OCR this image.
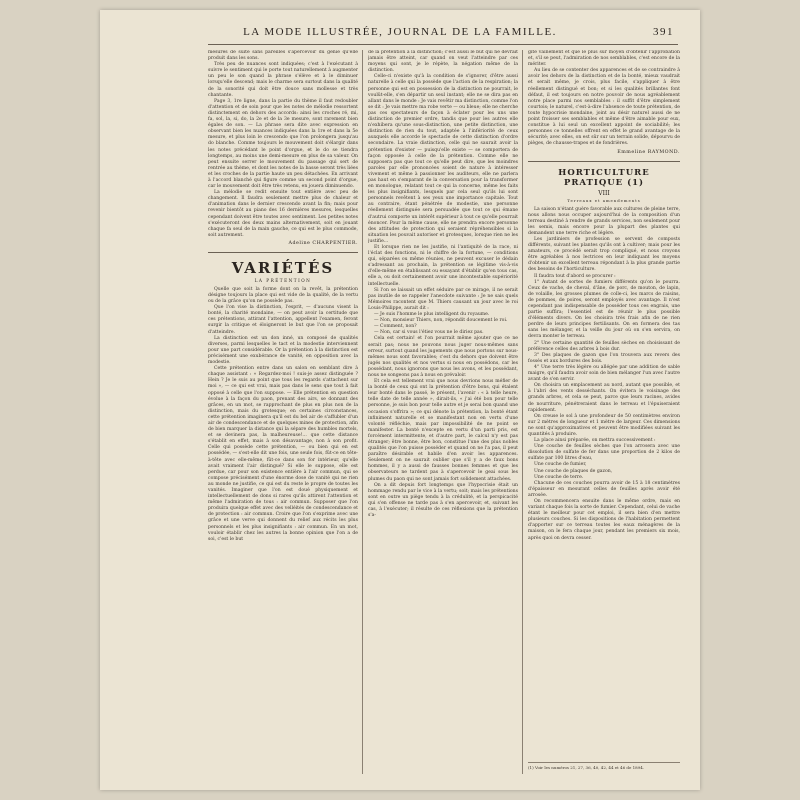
LA MODE ILLUSTRÉE, JOURNAL DE LA FAMILLE.	391

mesures de suite sans pareilles s'apercevoir du génie qu'elle produit dans les sons.

Très peu de nuances sont indiquées; c'est à l'exécutant à suivre le sentiment qui le porte tout naturellement à augmenter un peu le son quand la phrase s'élève et à le diminuer lorsqu'elle descend; mais le charme sera surtout dans la qualité de la sonorité qui doit être douce sans mollesse et très chantante.

Page 3, 1re ligne, dans la partie du thème il faut redoubler d'attention et de soin pour que les notes de mélodie ressortent distinctement en dehors des accords: ainsi les croches ré, mi, fa, sol, la, si, do, la 2e et de la 3e mesure, sont rarement bien égales de son. — La phrase sera dite avec expression en observant bien les nuances indiquées dans la 1re et dans la 5e mesure, et plus loin le crescendo que l'on prolongera jusqu'au do blanche. Comme toujours le mouvement doit s'élargir dans les notes précédant le point d'orgue, et le do se tiendra longtemps, au moins une demi-mesure en plus de sa valeur. On peut ensuite serrer le mouvement du passage qui sert de rentrée au thème, et dont les notes de la basse seront très liées et les croches de la partie haute un peu détachées. En arrivant à l'accord blanché qui figure comme un second point d'orgue, car le mouvement doit être très retenu, en jouera diminuendo.

La mélodie se redit ensuite tout entière avec peu de changement. Il faudra seulement mettre plus de chaleur et d'animation dans le dernier crescendo avant la fin; mais pour revenir bientôt au piano des 16 dernières mesures, lesquelles cependant doivent être toutes avec sentiment. Les petites notes s'exécuteront des deux mains alternativement, soit en jouant chaque fa seul de la main gauche, ce qui est le plus commode, soit autrement.

Adeline CHARPENTIER.
VARIÉTÉS
LA PRÉTENTION

Quelle que soit la forme dont on la revêt, la prétention désigne toujours la place qui est vide de la qualité, de la vertu ou de la grâce qu'on ne possède pas.

Que l'on vise la distinction, l'esprit, — d'aucuns visent la bonté, la charité mondaine, — on peut avoir la certitude que ces prétentions, attirant l'attention, appellent l'examen, feront surgir la critique et éloigneront le but que l'on se proposait d'atteindre.

La distinction est un don inné, un composé de qualités diverses, parmi lesquelles le tact et la modestie interviennent pour une part considérable. Or la prétention à la distinction est précisément une exubérance de vanité, en opposition avec la modestie.

Cette prétention entre dans un salon en semblant dire à chaque assistant : « Regardez-moi ! suis-je assez distinguée ? Hein ? Je le suis au point que tous les regards s'attachent sur moi », — ce qui est vrai, mais pas dans le sens que tout à fait opposé à celle que l'on suppose. — Elle prétention en question évolue à la façon du paon, prenant des airs, se donnant des grâces, en un mot, se rapprochant de plus en plus non de la distinction, mais du grotesque; en certaines circonstances, cette prétention imaginera qu'il est du bel air de s'affubler d'un air de condescendance et de quelques mines de protection, afin de bien marquer la distance qui la sépare des humbles mortels, et se devinera pas, la malheureuse!... que cette distance s'établit en effet, mais à son désavantage, non à son profit. Celle qui possède cette prétention, — ou bien qui en est possédée, — s'est-elle dit une fois, une seule fois, fût-ce en tête-à-tête avec elle-même, fût-ce dans son for intérieur, qu'elle avait vraiment l'air distingué? Si elle le suppose, elle est perdue, car pour son existence entière à l'air commun, qui se compose précisément d'une énorme dose de vanité qui ne rien au monde ne justifie, ce qui est du reste le propre de toutes les vanités. Imaginer que l'on est doué physiquement et intellectuellement de dons si rares qu'ils attirent l'attention et même l'admiration de tous : air commun. Supposer que l'on produira quelque effet avec des velléités de condescendance et de protection : air commun. Croire que l'on s'exprime avec une grâce et une verve qui donnent du relief aux récits les plus personnels et les plus insignifiants : air commun. En un mot, vouloir établir chez les autres la bonne opinion que l'on a de soi, c'est le but

de la prétention à la distinction; c'est aussi le but qui ne devrait jamais être atteint, car quand on veut l'atteindre par ces moyens qui sont, je le répète, la négation même de la distinction.

Celle-ci n'existe qu'à la condition de s'ignorer, d'être aussi naturelle à celle qui la possède que l'action de la respiration; la personne qui est en possession de la distinction ne pourrait, le voulût-elle, s'en départir un seul instant; elle ne se dira pas en allant dans le monde : Je vais revêtir ma distinction, comme l'on se dit : Je vais mettre ma robe verte — ou bleue; elle ne cherche pas ces spectateurs de façon à éclater pour les uns une distinction de premier ordre, tandis que pour les autres elle n'exhibera qu'une sous-distinction, une petite distinction, une distinction de rien du tout, adaptée à l'infériorité de ceux auxquels elle accorde le spectacle de cette distinction d'ordre secondaire. La vraie distinction, celle qui ne saurait avoir la prétention d'exister — puisqu'elle existe — se comportera de façon opposée à celle de la prétention. Comme elle ne supposera pas que tout ce qu'elle peut dire, que les moindres paroles par elle prononcées soient de nature à intéresser vivement et même à passionner les auditeurs, elle ne parlera pas haut en s'emparant de la conversation pour la transformer en monologue, relatant tout ce qui la concerne, même les faits les plus insignifiants, lesquels par cela seul qu'ils lui sont personnels revêtent à ses yeux une importance capitale. Tout au contraire, étant pénétrée de modestie, une personne réellement distinguée sera persuadée que tout ce qui émane d'autrui comporte un intérêt supérieur à tout ce qu'elle pourrait énoncer. Pour la même cause, elle ne prendra encore personne des attitudes de protection qui seraient répréhensibles si la situation les pouvait autoriser et grotesques, lorsque rien ne les justifie...

Et lorsque rien ne les justifie, ni l'antiquité de la race, ni l'éclat des fonctions, ni le chiffre de la fortune, — conditions qui, séparées ou même réunies, ne peuvent excuser le dédain s'adressant au prochain, la prétention se légitime vis-à-vis d'elle-même en établissant ou essayant d'établir qu'en tous cas, elle a, ou doit certainement avoir une incontestable supériorité intellectuelle.

Si l'on se laissait un effet séduire par ce mirage, il ne serait pas inutile de se rappeler l'anecdote suivante : Je ne sais quels Mémoires racontent que M. Thiers causant un jour avec le roi Louis-Philippe, aurait dit :

— Je suis l'homme le plus intelligent du royaume.

— Non, monsieur Thiers, non, répondit doucement le roi.

— Comment, non?

— Non, car si vous l'étiez vous ne le diriez pas.

Cela est certain! et l'on pourrait même ajouter que ce ne serait pas; nous ne pouvons nous juger nous-mêmes sans erreur, surtout quand les jugements que nous portons sur nous-mêmes nous sont favorables; c'est du dehors que doivent être jugés nos qualités et nos vertus si nous en possédons, car les possédant, nous ignorons que nous les avons, et les possédant, nous ne songeons pas à nous en prévaloir.

Et cela est tellement vrai que nous devrions nous méfier de la bonté de ceux qui ont la prétention d'être bons, qui étalent leur bonté dans le passé, le présent, l'avenir : « à telle heure, telle date de telle année », dirait-ils, « j'ai été bon pour telle personne, je suis bon pour telle autre et je serai bon quand une occasion s'offrira »; ce qui dénote la prétention, la bonté étant infiniment naturelle et se manifestant non en vertu d'une volonté réfléchie, mais par impossibilité de ne point se manifester. La bonté n'excepte en vertu d'un parti pris, est forcément intermittente, et d'autre part, le calcul n'y est pas étranger; être bonne, être bon, constitue l'une des plus nobles qualités que l'on puisse posséder et quand on ne l'a pas, il peut paraître désirable et habile d'en avoir les apparences. Seulement on ne saurait oublier que s'il y a de faux bons hommes, il y a aussi de fausses bonnes femmes et que les observateurs ne tardent pas à s'apercevoir le geai sous les plumes du paon qui ne sont jamais fort solidement attachées.

On a dit depuis fort longtemps que l'hypocrisie était un hommage rendu par le vice à la vertu; soit; mais les prétentions sont en outre un piège tendu à la crédulité, et la perspicacité qui s'en offense ne tarde pas à s'en apercevoir, et, suivant les cas, à l'exécuter; il résulte de ces réflexions que la prétention s'a-

gite vainement et que le plus sûr moyen d'obtenir l'approbation et, s'il se peut, l'admiration de nos semblables, c'est encore de la mériter.

Au lieu de se contenter des apparences et de se contraindre à avoir les dehors de la distinction et de la bonté, mieux vaudrait et serait même, je crois, plus facile, s'appliquer à être réellement distingué et bon; et si les qualités brillantes font défaut, il est toujours en notre pouvoir de nous agréablement notre place parmi nos semblables : il suffit d'être simplement courtois; le naturel, c'est-à-dire l'absence de toute prétention, de toute hypocrisie mondaine, joint au désir naturel aussi de ne point froisser ses semblables et même d'être aimable pour eux, constitue à lui seul un excellent appoint de sociabilité; les personnes ce tonnelles offrent en effet le grand avantage de la sécurité; avec elles, on est sûr sur un terrain solide, dépourvu de pièges, de chausse-trapes et de fondrières.

Emmeline RAYMOND.
HORTICULTURE PRATIQUE (1)
VIII
Terreaux et amendements

La saison n'étant guère favorable aux cultures de pleine terre, nous allons nous occuper aujourd'hui de la composition d'un terreau destiné à rendre de grands services, non seulement pour les semis, mais encore pour la plupart des plantes qui demandent une terre riche et légère.

Les jardiniers de profession se servent de composts différents, suivant les plantes qu'ils ont à cultiver; mais pour les amateurs, ce procédé serait trop compliqué, et nous croyons être agréables à nos lectrices en leur indiquant les moyens d'obtenir un excellent terreau répondant à la plus grande partie des besoins de l'horticulture.

Il faudra tout d'abord se procurer :

1° Autant de sortes de fumiers différents qu'on le pourra. Ceux de vache, de cheval, d'âne, de porc, de mouton, de lapin, de volaille, les grosses plumes de colle-ci, les marcs de raisins, de pommes, de poires, seront employés avec avantage. Il n'est cependant pas indispensable de posséder tous ces engrais, une partie suffira; l'essentiel est de réunir le plus possible d'éléments divers. On les choisira très frais afin de ne rien perdre de leurs principes fertilisants. On en formera des tas sans les mélanger, et la veille du jour où on s'en servira, on devra monter le terreau.

2° Une certaine quantité de feuilles sèches en choisissant de préférence celles des arbres à bois dur.

3° Des plaques de gazon que l'on trouvera aux revers des fossés et aux bordures des bois.

4° Une terre très légère ou allégée par une addition de sable maigre, qu'il faudra avoir soin de bien mélanger l'un avec l'autre avant de s'en servir.

On choisira un emplacement au nord, autant que possible, et à l'abri des vents desséchants. On évitera le voisinage des grands arbres, et cela se peut, parce que leurs racines, avides de nourriture, pénétreraient dans le terreau et l'épuiseraient rapidement.

On creuse le sol à une profondeur de 50 centimètres environ sur 2 mètres de longueur et 1 mètre de largeur. Ces dimensions ne sont qu'approximatives et peuvent être modifiées suivant les quantités à produire.

La place ainsi préparée, on mettra successivement :

Une couche de feuilles sèches que l'on arrosera avec une dissolution de sulfate de fer dans une proportion de 2 kilos de sulfate par 100 litres d'eau,

Une couche de fumier,

Une couche de plaques de gazon,

Une couche de terre.

Chacune de ces couches pourra avoir de 15 à 18 centimètres d'épaisseur en mesurant celles de feuilles après avoir été arrosée.

On recommencera ensuite dans le même ordre, mais en variant chaque fois la sorte de fumier. Cependant, celui de vache étant le meilleur pour cet emploi, il sera bien d'en mettre plusieurs couches. Si les dispositions de l'habitation permettent d'apporter sur ce terreau toutes les eaux ménagères de la maison, on le fera chaque jour, pendant les premiers six mois, après quoi on devra cesser.

(1) Voir les numéros 21, 27, 36, 40, 42, 44 et 46 de 1894.
